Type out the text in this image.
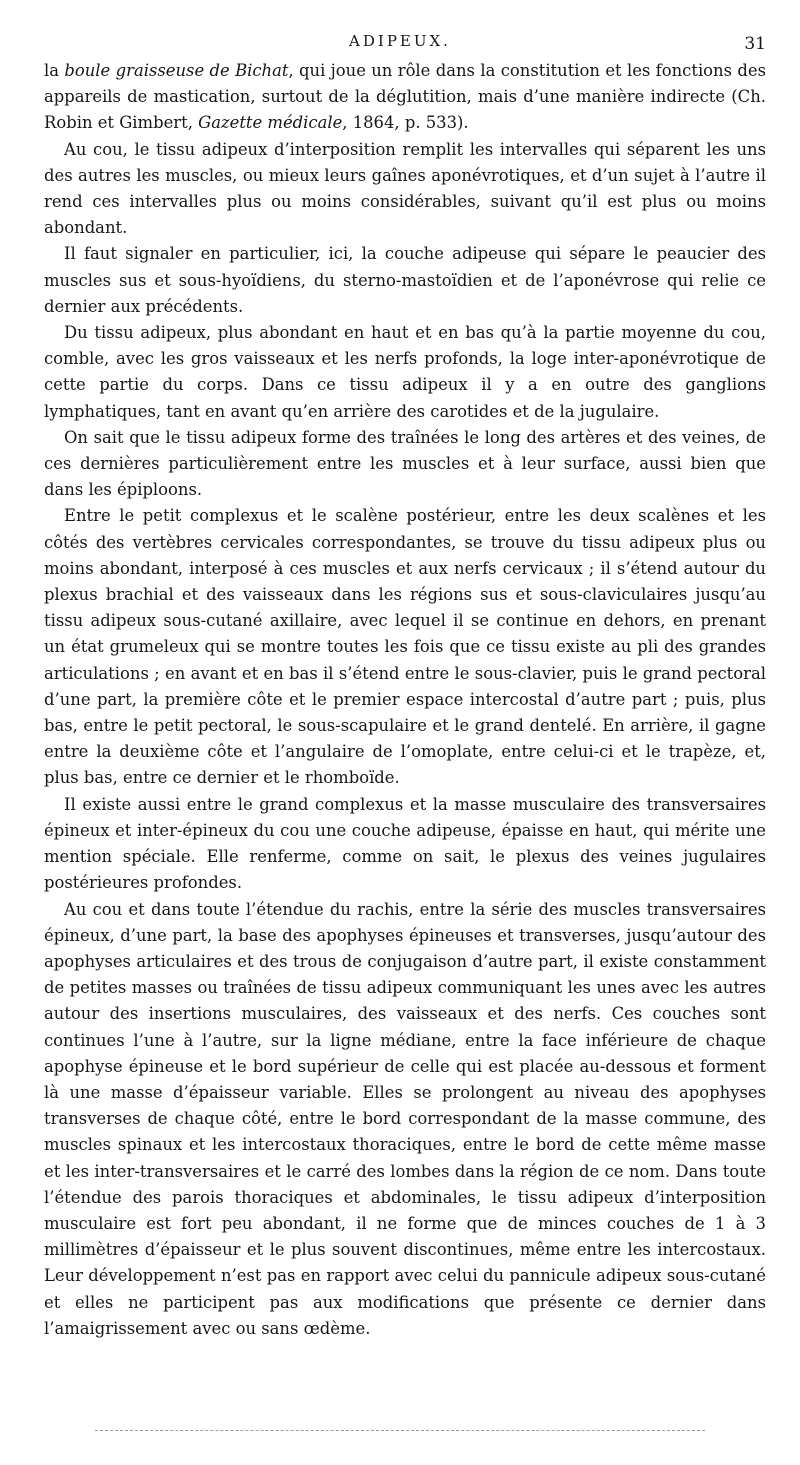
ADIPEUX.	31

la boule graisseuse de Bichat, qui joue un rôle dans la constitution et les fonctions des appareils de mastication, surtout de la déglutition, mais d’une manière indirecte (Ch. Robin et Gimbert, Gazette médicale, 1864, p. 533).

Au cou, le tissu adipeux d’interposition remplit les intervalles qui séparent les uns des autres les muscles, ou mieux leurs gaînes aponévrotiques, et d’un sujet à l’autre il rend ces intervalles plus ou moins considérables, suivant qu’il est plus ou moins abondant.

Il faut signaler en particulier, ici, la couche adipeuse qui sépare le peaucier des muscles sus et sous-hyoïdiens, du sterno-mastoïdien et de l’aponévrose qui relie ce dernier aux précédents.

Du tissu adipeux, plus abondant en haut et en bas qu’à la partie moyenne du cou, comble, avec les gros vaisseaux et les nerfs profonds, la loge inter-aponévrotique de cette partie du corps. Dans ce tissu adipeux il y a en outre des ganglions lymphatiques, tant en avant qu’en arrière des carotides et de la jugulaire.

On sait que le tissu adipeux forme des traînées le long des artères et des veines, de ces dernières particulièrement entre les muscles et à leur surface, aussi bien que dans les épiploons.

Entre le petit complexus et le scalène postérieur, entre les deux scalènes et les côtés des vertèbres cervicales correspondantes, se trouve du tissu adipeux plus ou moins abondant, interposé à ces muscles et aux nerfs cervicaux ; il s’étend autour du plexus brachial et des vaisseaux dans les régions sus et sous-claviculaires jusqu’au tissu adipeux sous-cutané axillaire, avec lequel il se continue en dehors, en prenant un état grumeleux qui se montre toutes les fois que ce tissu existe au pli des grandes articulations ; en avant et en bas il s’étend entre le sous-clavier, puis le grand pectoral d’une part, la première côte et le premier espace intercostal d’autre part ; puis, plus bas, entre le petit pectoral, le sous-scapulaire et le grand dentelé. En arrière, il gagne entre la deuxième côte et l’angulaire de l’omoplate, entre celui-ci et le trapèze, et, plus bas, entre ce dernier et le rhomboïde.

Il existe aussi entre le grand complexus et la masse musculaire des transversaires épineux et inter-épineux du cou une couche adipeuse, épaisse en haut, qui mérite une mention spéciale. Elle renferme, comme on sait, le plexus des veines jugulaires postérieures profondes.

Au cou et dans toute l’étendue du rachis, entre la série des muscles transversaires épineux, d’une part, la base des apophyses épineuses et transverses, jusqu’autour des apophyses articulaires et des trous de conjugaison d’autre part, il existe constamment de petites masses ou traînées de tissu adipeux communiquant les unes avec les autres autour des insertions musculaires, des vaisseaux et des nerfs. Ces couches sont continues l’une à l’autre, sur la ligne médiane, entre la face inférieure de chaque apophyse épineuse et le bord supérieur de celle qui est placée au-dessous et forment là une masse d’épaisseur variable. Elles se prolongent au niveau des apophyses transverses de chaque côté, entre le bord correspondant de la masse commune, des muscles spinaux et les intercostaux thoraciques, entre le bord de cette même masse et les inter-transversaires et le carré des lombes dans la région de ce nom. Dans toute l’étendue des parois thoraciques et abdominales, le tissu adipeux d’interposition musculaire est fort peu abondant, il ne forme que de minces couches de 1 à 3 millimètres d’épaisseur et le plus souvent discontinues, même entre les intercostaux. Leur développement n’est pas en rapport avec celui du pannicule adipeux sous-cutané et elles ne participent pas aux modifications que présente ce dernier dans l’amaigrissement avec ou sans œdème.
